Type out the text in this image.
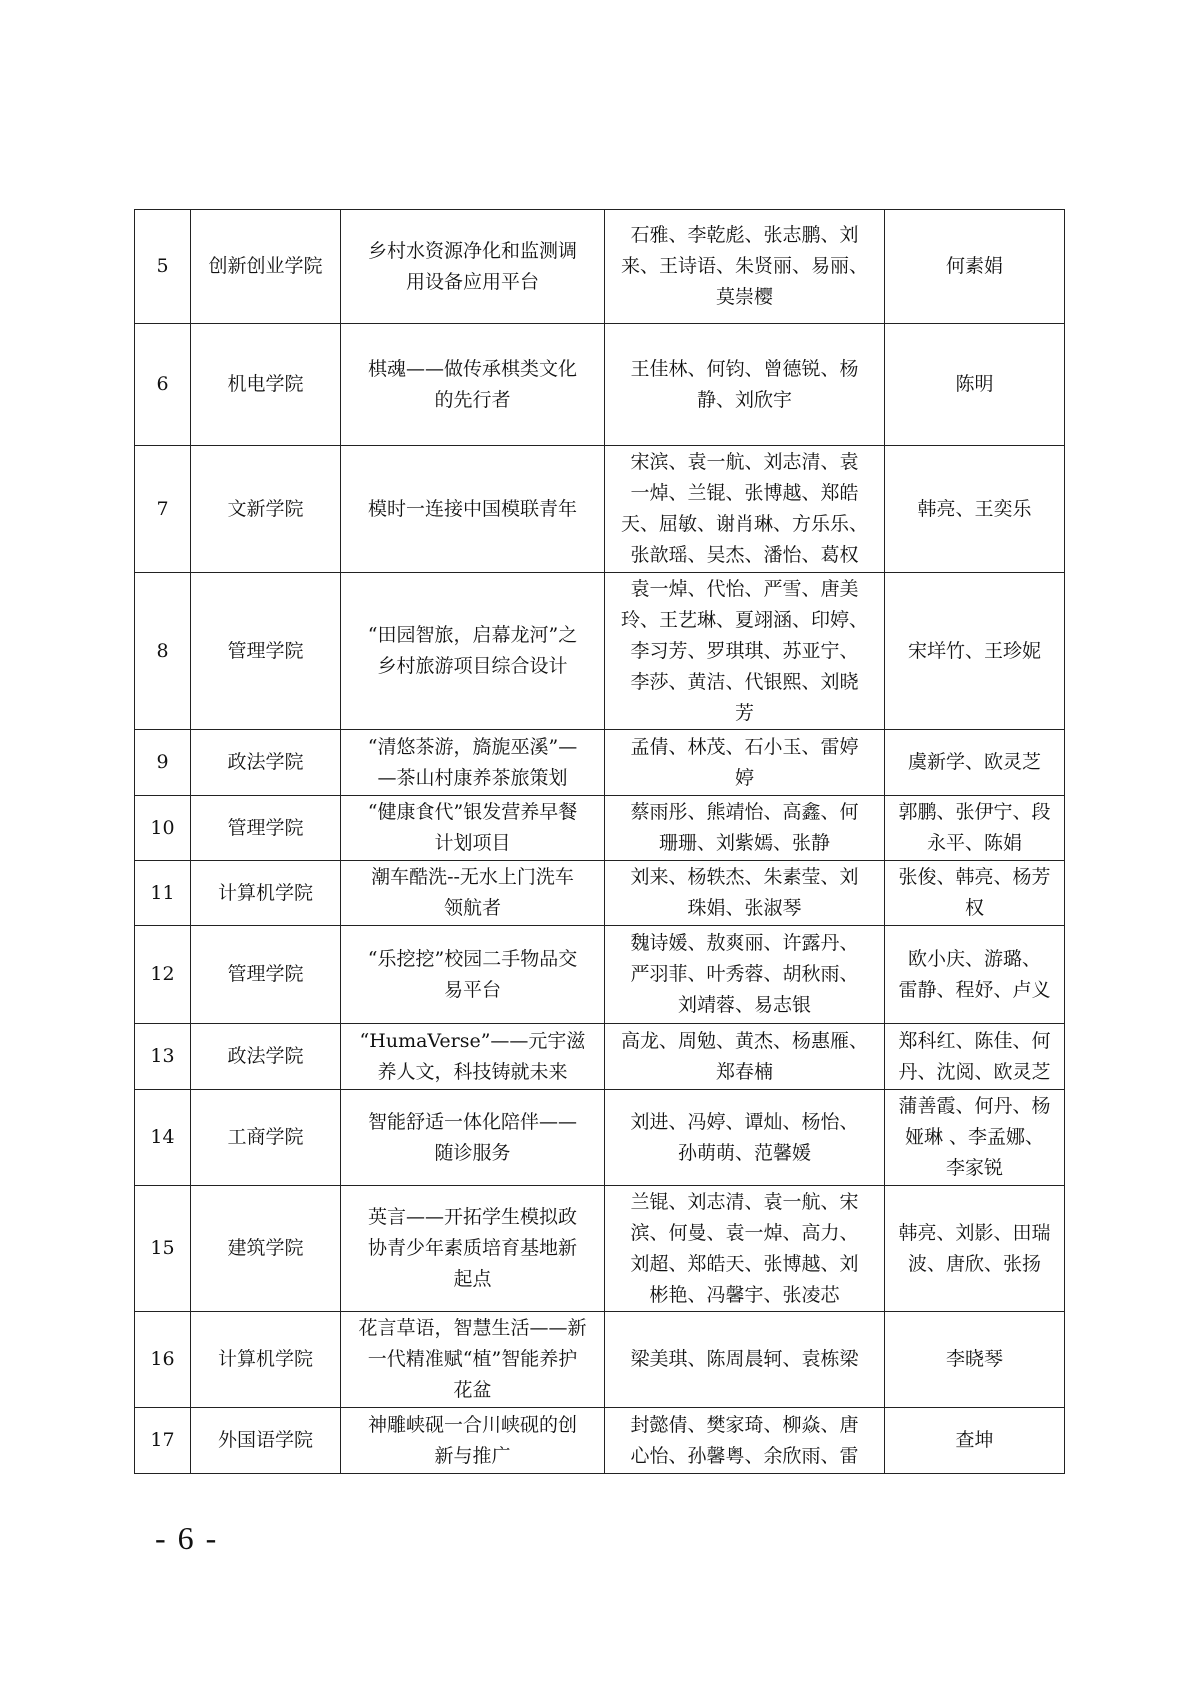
5	创新创业学院	乡村水资源净化和监测调
用设备应用平台	石雅、李乾彪、张志鹏、刘
来、王诗语、朱贤丽、易丽、
莫崇樱	何素娟
6	机电学院	棋魂——做传承棋类文化
的先行者	王佳林、何钧、曾德锐、杨
静、刘欣宇	陈明
7	文新学院	模时一连接中国模联青年	宋滨、袁一航、刘志清、袁
一焯、兰锟、张博越、郑皓
天、屈敏、谢肖琳、方乐乐、
张歆瑶、吴杰、潘怡、葛权	韩亮、王奕乐
8	管理学院	“田园智旅，启幕龙河”之
乡村旅游项目综合设计	袁一焯、代怡、严雪、唐美
玲、王艺琳、夏翊涵、印婷、
李习芳、罗琪琪、苏亚宁、
李莎、黄洁、代银熙、刘晓
芳	宋垟竹、王珍妮
9	政法学院	“清悠茶游，旖旎巫溪”—
—茶山村康养茶旅策划	孟倩、林茂、石小玉、雷婷
婷	虞新学、欧灵芝
10	管理学院	“健康食代”银发营养早餐
计划项目	蔡雨彤、熊靖怡、高鑫、何
珊珊、刘紫嫣、张静	郭鹏、张伊宁、段
永平、陈娟
11	计算机学院	潮车酷洗--无水上门洗车
领航者	刘来、杨轶杰、朱素莹、刘
珠娟、张淑琴	张俊、韩亮、杨芳
权
12	管理学院	“乐挖挖”校园二手物品交
易平台	魏诗媛、敖爽丽、许露丹、
严羽菲、叶秀蓉、胡秋雨、
刘靖蓉、易志银	欧小庆、游璐、
雷静、程妤、卢义
13	政法学院	“HumaVerse”——元宇滋
养人文，科技铸就未来	高龙、周勉、黄杰、杨惠雁、
郑春楠	郑科红、陈佳、何
丹、沈阅、欧灵芝
14	工商学院	智能舒适一体化陪伴——
随诊服务	刘进、冯婷、谭灿、杨怡、
孙萌萌、范馨媛	蒲善霞、何丹、杨
娅琳 、李孟娜、
李家锐
15	建筑学院	英言——开拓学生模拟政
协青少年素质培育基地新
起点	兰锟、刘志清、袁一航、宋
滨、何曼、袁一焯、高力、
刘超、郑皓天、张博越、刘
彬艳、冯馨宇、张凌芯	韩亮、刘影、田瑞
波、唐欣、张扬
16	计算机学院	花言草语，智慧生活——新
一代精准赋“植”智能养护
花盆	梁美琪、陈周晨轲、袁栋梁	李晓琴
17	外国语学院	神雕峡砚一合川峡砚的创
新与推广	封懿倩、樊家琦、柳焱、唐
心怡、孙馨粤、余欣雨、雷	查坤
- 6 -
